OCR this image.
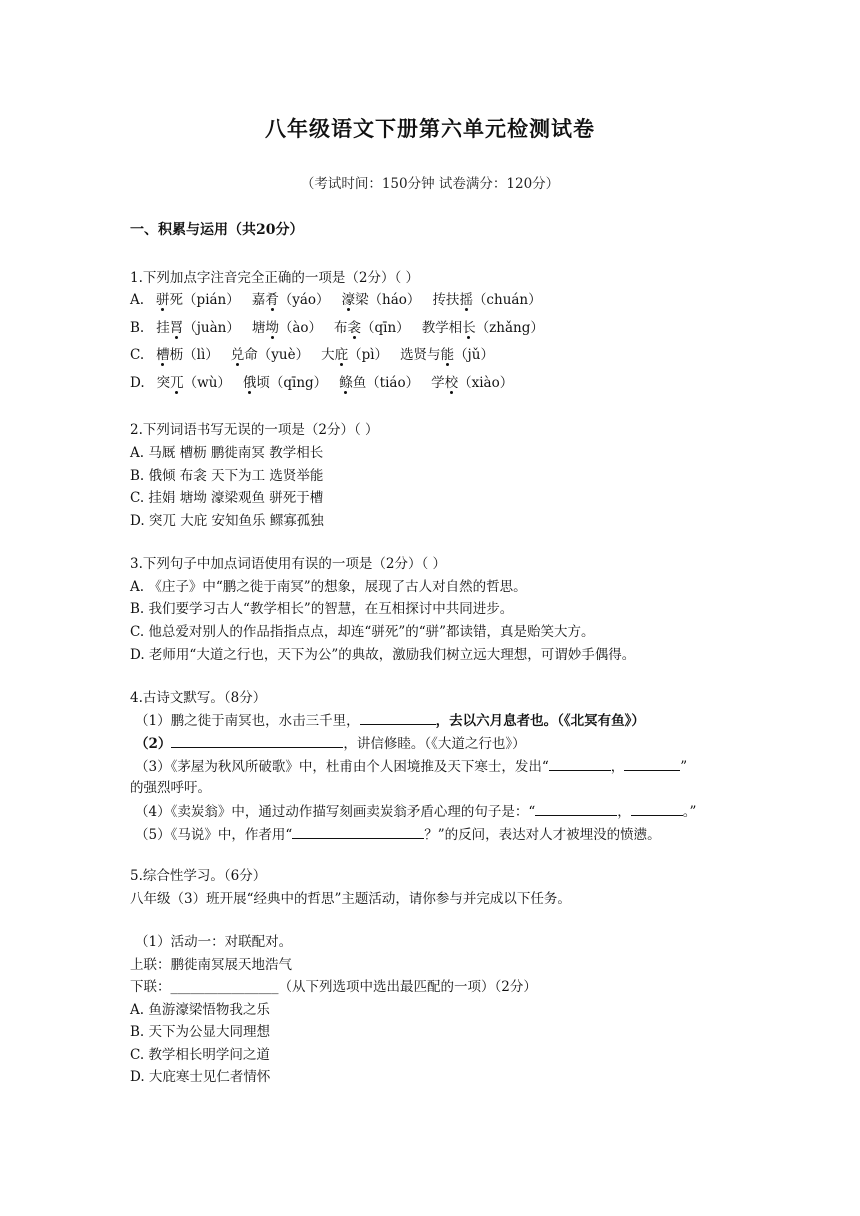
八年级语文下册第六单元检测试卷
（考试时间：150分钟 试卷满分：120分）
一、积累与运用（共20分）
1.下列加点字注音完全正确的一项是（2分）（ ）
A. 骈死（pián） 嘉肴（yáo） 濠梁（háo） 抟扶摇（chuán）
B. 挂罥（juàn） 塘坳（ào） 布衾（qīn） 教学相长（zhǎng）
C. 槽枥（lì） 兑命（yuè） 大庇（pì） 选贤与能（jǔ）
D. 突兀（wù） 俄顷（qīng） 鲦鱼（tiáo） 学校（xiào）
2.下列词语书写无误的一项是（2分）（ ）
A. 马厩 槽枥 鹏徙南冥 教学相长
B. 俄倾 布衾 天下为工 选贤举能
C. 挂娟 塘坳 濠梁观鱼 骈死于槽
D. 突兀 大庇 安知鱼乐 鳏寡孤独
3.下列句子中加点词语使用有误的一项是（2分）（ ）
A. 《庄子》中“鹏之徙于南冥”的想象，展现了古人对自然的哲思。
B. 我们要学习古人“教学相长”的智慧，在互相探讨中共同进步。
C. 他总爱对别人的作品指指点点，却连“骈死”的“骈”都读错，真是贻笑大方。
D. 老师用“大道之行也，天下为公”的典故，激励我们树立远大理想，可谓妙手偶得。
4.古诗文默写。（8分）
（1）鹏之徙于南冥也，水击三千里，	，去以六月息者也。（《北冥有鱼》）
（2）	，讲信修睦。（《大道之行也》）
（3）《茅屋为秋风所破歌》中，杜甫由个人困境推及天下寒士，发出“	，	”
的强烈呼吁。
（4）《卖炭翁》中，通过动作描写刻画卖炭翁矛盾心理的句子是：“	，	。”
（5）《马说》中，作者用“	？”的反问，表达对人才被埋没的愤懑。
5.综合性学习。（6分）
八年级（3）班开展“经典中的哲思”主题活动，请你参与并完成以下任务。
（1）活动一：对联配对。
上联：鹏徙南冥展天地浩气
下联：________________（从下列选项中选出最匹配的一项）（2分）
A. 鱼游濠梁悟物我之乐
B. 天下为公显大同理想
C. 教学相长明学问之道
D. 大庇寒士见仁者情怀
